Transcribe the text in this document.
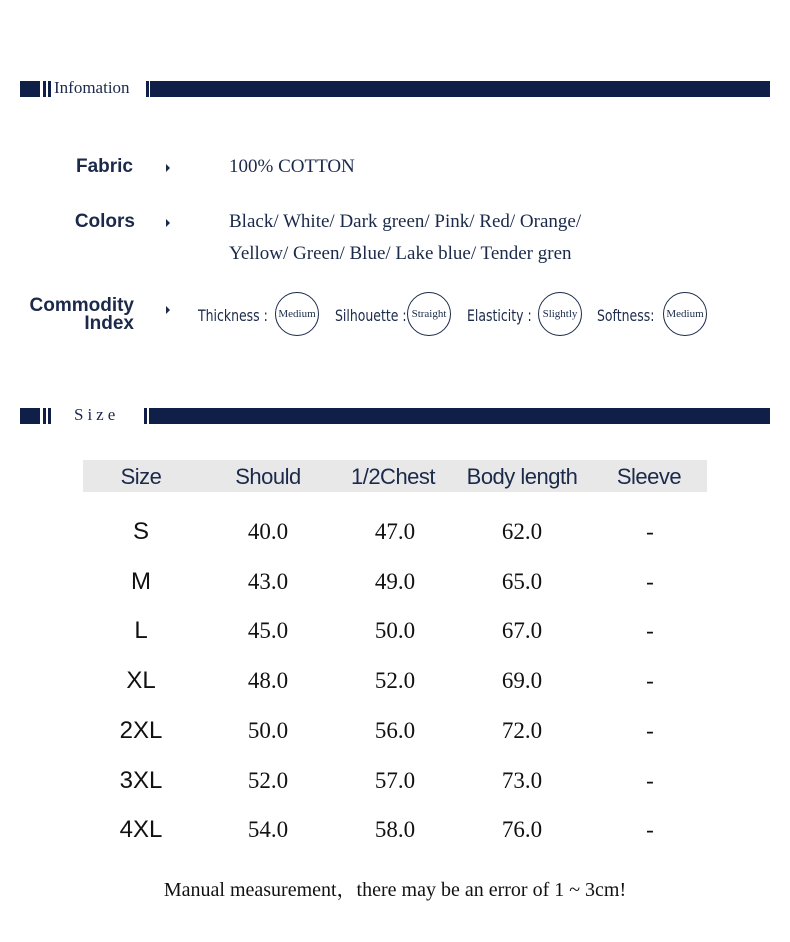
Infomation
Fabric	100% COTTON
Colors	Black/ White/ Dark green/ Pink/ Red/ Orange/
Yellow/ Green/ Blue/ Lake blue/ Tender gren
Commodity
Index	Thickness : Medium Silhouette : Straight Elasticity : Slightly Softness:	Medium
Size
Size	Should	1/2Chest	Body length	Sleeve
S	40.0	47.0	62.0	-
M	43.0	49.0	65.0	-
L	45.0	50.0	67.0	-
XL	48.0	52.0	69.0	-
2XL	50.0	56.0	72.0	-
3XL	52.0	57.0	73.0	-
4XL	54.0	58.0	76.0	-
Manual measurement，there may be an error of 1 ~ 3cm!
